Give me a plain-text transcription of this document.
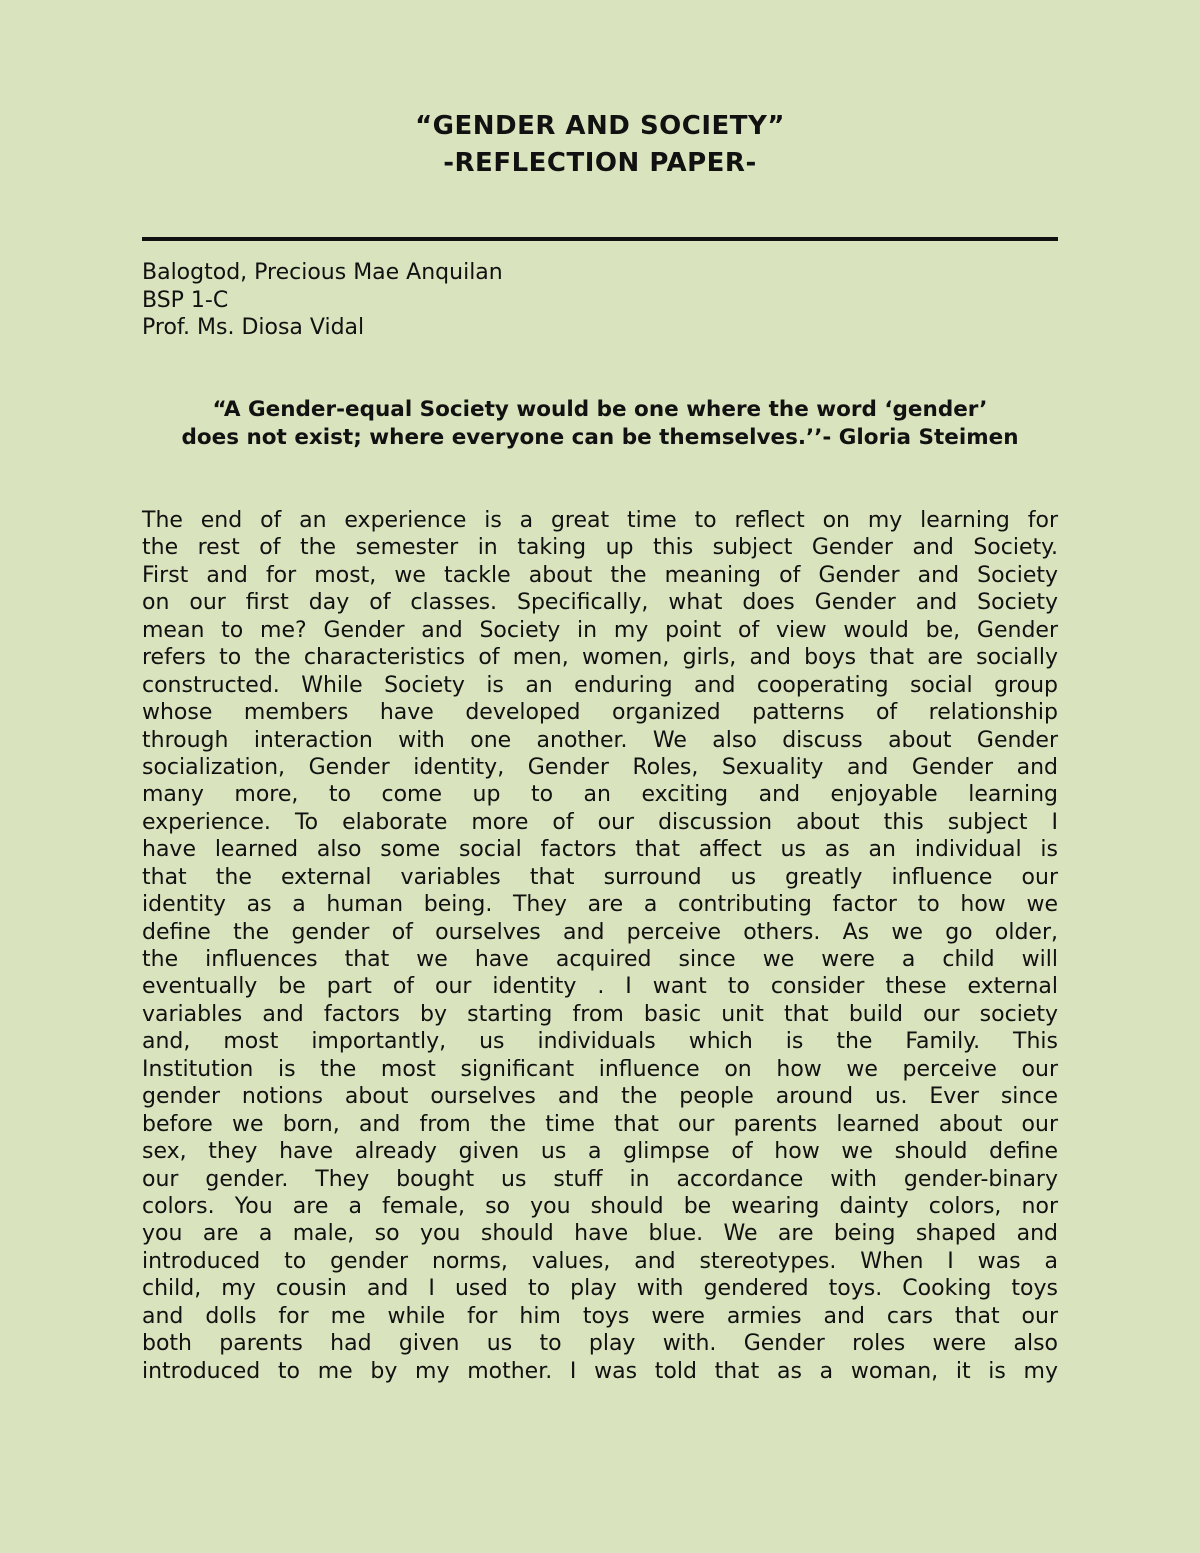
“GENDER AND SOCIETY”
-REFLECTION PAPER-
Balogtod, Precious Mae Anquilan
BSP 1-C
Prof. Ms. Diosa Vidal
“A Gender-equal Society would be one where the word ‘gender’
does not exist; where everyone can be themselves.’’- Gloria Steimen
The end of an experience is a great time to reflect on my learning for
the rest of the semester in taking up this subject Gender and Society.
First and for most, we tackle about the meaning of Gender and Society
on our first day of classes. Specifically, what does Gender and Society
mean to me? Gender and Society in my point of view would be, Gender
refers to the characteristics of men, women, girls, and boys that are socially
constructed. While Society is an enduring and cooperating social group
whose members have developed organized patterns of relationship
through interaction with one another. We also discuss about Gender
socialization, Gender identity, Gender Roles, Sexuality and Gender and
many more, to come up to an exciting and enjoyable learning
experience. To elaborate more of our discussion about this subject I
have learned also some social factors that affect us as an individual is
that the external variables that surround us greatly influence our
identity as a human being. They are a contributing factor to how we
define the gender of ourselves and perceive others. As we go older,
the influences that we have acquired since we were a child will
eventually be part of our identity . I want to consider these external
variables and factors by starting from basic unit that build our society
and, most importantly, us individuals which is the Family. This
Institution is the most significant influence on how we perceive our
gender notions about ourselves and the people around us. Ever since
before we born, and from the time that our parents learned about our
sex, they have already given us a glimpse of how we should define
our gender. They bought us stuff in accordance with gender-binary
colors. You are a female, so you should be wearing dainty colors, nor
you are a male, so you should have blue. We are being shaped and
introduced to gender norms, values, and stereotypes. When I was a
child, my cousin and I used to play with gendered toys. Cooking toys
and dolls for me while for him toys were armies and cars that our
both parents had given us to play with. Gender roles were also
introduced to me by my mother. I was told that as a woman, it is my
